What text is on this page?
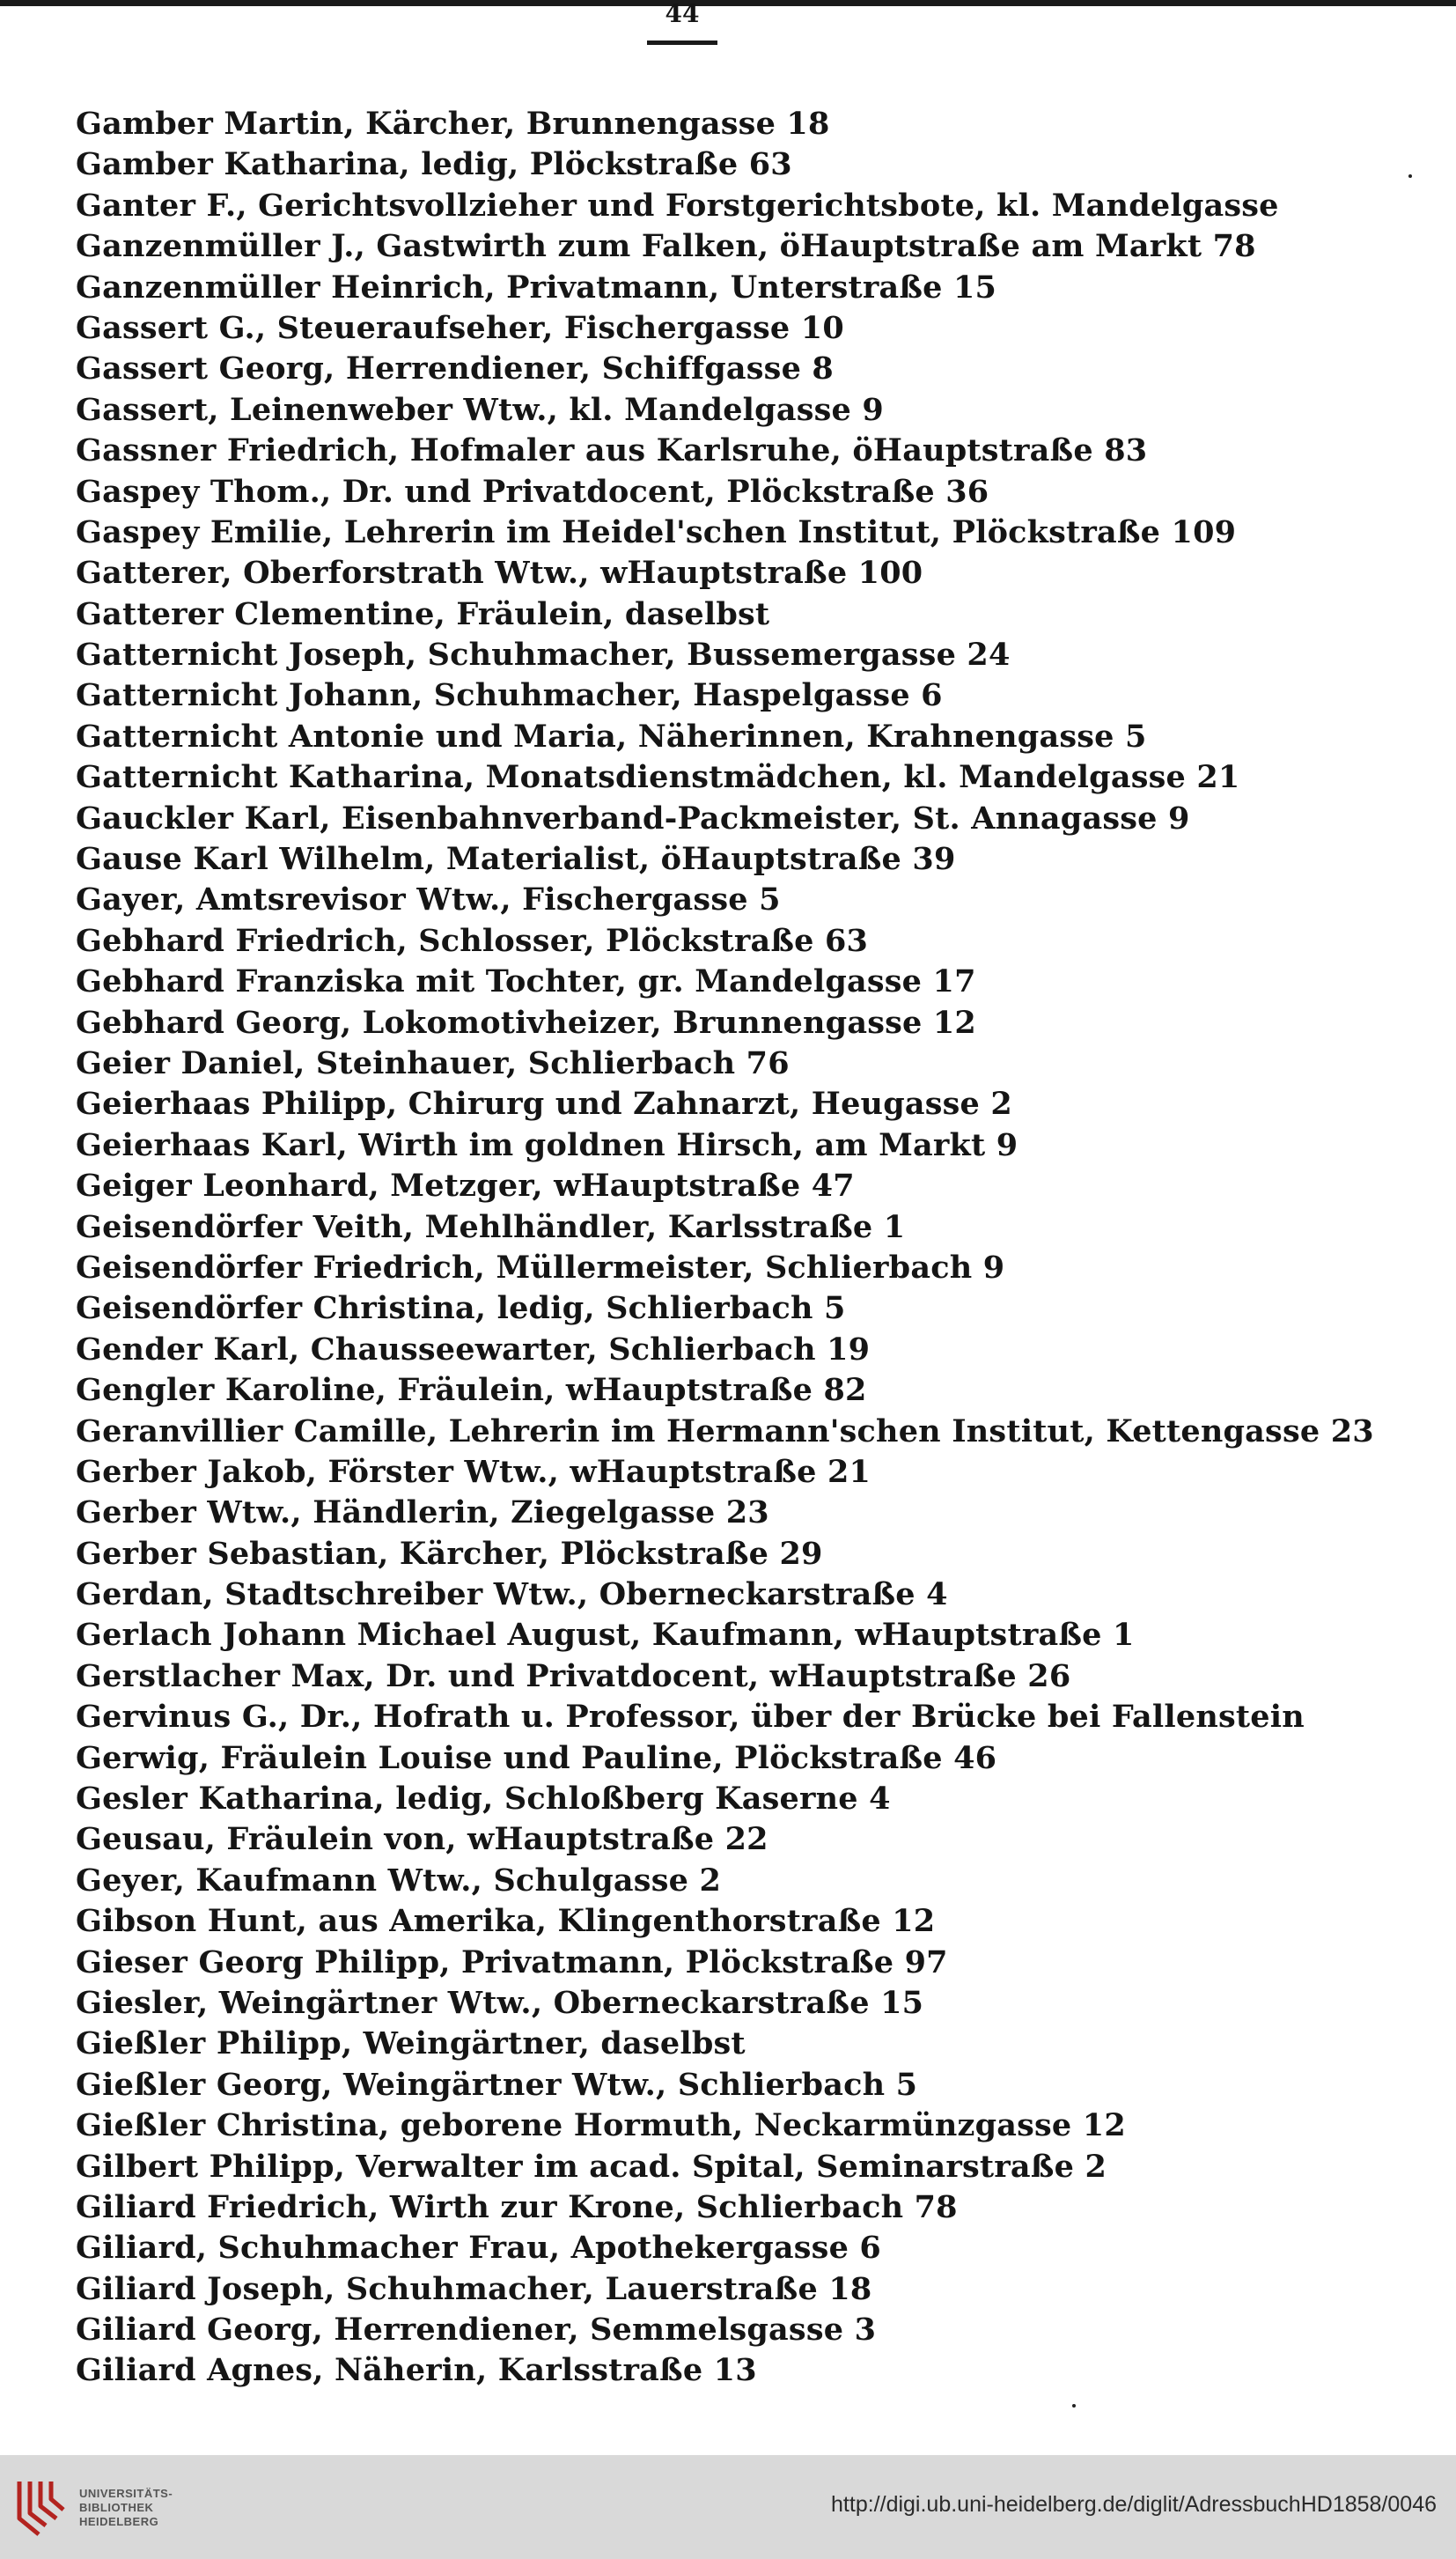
44
Gamber Martin, Kärcher, Brunnengasse 18
Gamber Katharina, ledig, Plöckstraße 63
Ganter F., Gerichtsvollzieher und Forstgerichtsbote, kl. Mandelgasse
Ganzenmüller J., Gastwirth zum Falken, öHauptstraße am Markt 78
Ganzenmüller Heinrich, Privatmann, Unterstraße 15
Gassert G., Steueraufseher, Fischergasse 10
Gassert Georg, Herrendiener, Schiffgasse 8
Gassert, Leinenweber Wtw., kl. Mandelgasse 9
Gassner Friedrich, Hofmaler aus Karlsruhe, öHauptstraße 83
Gaspey Thom., Dr. und Privatdocent, Plöckstraße 36
Gaspey Emilie, Lehrerin im Heidel'schen Institut, Plöckstraße 109
Gatterer, Oberforstrath Wtw., wHauptstraße 100
Gatterer Clementine, Fräulein, daselbst
Gatternicht Joseph, Schuhmacher, Bussemergasse 24
Gatternicht Johann, Schuhmacher, Haspelgasse 6
Gatternicht Antonie und Maria, Näherinnen, Krahnengasse 5
Gatternicht Katharina, Monatsdienstmädchen, kl. Mandelgasse 21
Gauckler Karl, Eisenbahnverband-Packmeister, St. Annagasse 9
Gause Karl Wilhelm, Materialist, öHauptstraße 39
Gayer, Amtsrevisor Wtw., Fischergasse 5
Gebhard Friedrich, Schlosser, Plöckstraße 63
Gebhard Franziska mit Tochter, gr. Mandelgasse 17
Gebhard Georg, Lokomotivheizer, Brunnengasse 12
Geier Daniel, Steinhauer, Schlierbach 76
Geierhaas Philipp, Chirurg und Zahnarzt, Heugasse 2
Geierhaas Karl, Wirth im goldnen Hirsch, am Markt 9
Geiger Leonhard, Metzger, wHauptstraße 47
Geisendörfer Veith, Mehlhändler, Karlsstraße 1
Geisendörfer Friedrich, Müllermeister, Schlierbach 9
Geisendörfer Christina, ledig, Schlierbach 5
Gender Karl, Chausseewarter, Schlierbach 19
Gengler Karoline, Fräulein, wHauptstraße 82
Geranvillier Camille, Lehrerin im Hermann'schen Institut, Kettengasse 23
Gerber Jakob, Förster Wtw., wHauptstraße 21
Gerber Wtw., Händlerin, Ziegelgasse 23
Gerber Sebastian, Kärcher, Plöckstraße 29
Gerdan, Stadtschreiber Wtw., Oberneckarstraße 4
Gerlach Johann Michael August, Kaufmann, wHauptstraße 1
Gerstlacher Max, Dr. und Privatdocent, wHauptstraße 26
Gervinus G., Dr., Hofrath u. Professor, über der Brücke bei Fallenstein
Gerwig, Fräulein Louise und Pauline, Plöckstraße 46
Gesler Katharina, ledig, Schloßberg Kaserne 4
Geusau, Fräulein von, wHauptstraße 22
Geyer, Kaufmann Wtw., Schulgasse 2
Gibson Hunt, aus Amerika, Klingenthorstraße 12
Gieser Georg Philipp, Privatmann, Plöckstraße 97
Giesler, Weingärtner Wtw., Oberneckarstraße 15
Gießler Philipp, Weingärtner, daselbst
Gießler Georg, Weingärtner Wtw., Schlierbach 5
Gießler Christina, geborene Hormuth, Neckarmünzgasse 12
Gilbert Philipp, Verwalter im acad. Spital, Seminarstraße 2
Giliard Friedrich, Wirth zur Krone, Schlierbach 78
Giliard, Schuhmacher Frau, Apothekergasse 6
Giliard Joseph, Schuhmacher, Lauerstraße 18
Giliard Georg, Herrendiener, Semmelsgasse 3
Giliard Agnes, Näherin, Karlsstraße 13
UNIVERSITÄTS-
BIBLIOTHEK
HEIDELBERG
http://digi.ub.uni-heidelberg.de/diglit/AdressbuchHD1858/0046
